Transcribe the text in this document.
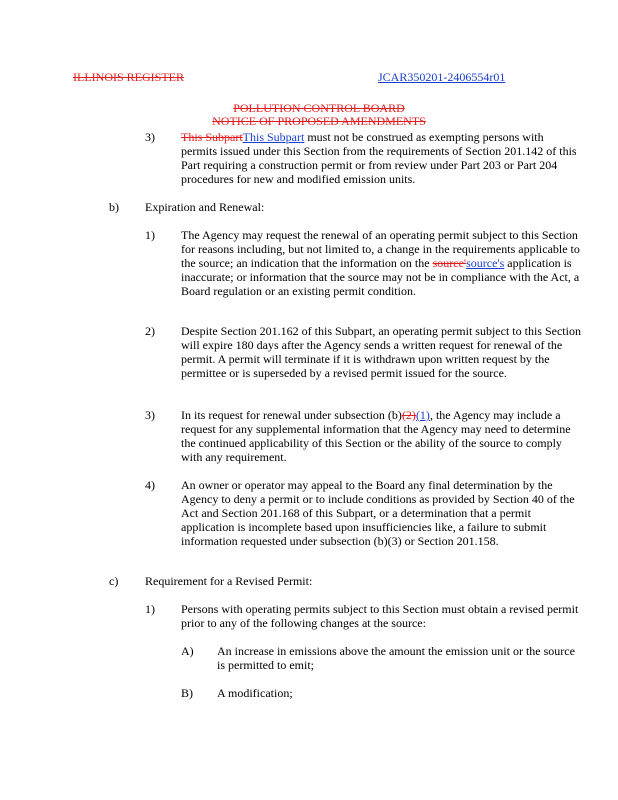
ILLINOIS REGISTER	JCAR350201-2406554r01
POLLUTION CONTROL BOARD
NOTICE OF PROPOSED AMENDMENTS
3) This SubpartThis Subpart must not be construed as exempting persons with permits issued under this Section from the requirements of Section 201.142 of this Part requiring a construction permit or from review under Part 203 or Part 204 procedures for new and modified emission units.

b) Expiration and Renewal:
1) The Agency may request the renewal of an operating permit subject to this Section for reasons including, but not limited to, a change in the requirements applicable to the source; an indication that the information on the source'source's application is inaccurate; or information that the source may not be in compliance with the Act, a Board regulation or an existing permit condition.

2) Despite Section 201.162 of this Subpart, an operating permit subject to this Section will expire 180 days after the Agency sends a written request for renewal of the permit. A permit will terminate if it is withdrawn upon written request by the permittee or is superseded by a revised permit issued for the source.

3) In its request for renewal under subsection (b)(2)(1), the Agency may include a request for any supplemental information that the Agency may need to determine the continued applicability of this Section or the ability of the source to comply with any requirement.

4) An owner or operator may appeal to the Board any final determination by the Agency to deny a permit or to include conditions as provided by Section 40 of the Act and Section 201.168 of this Subpart, or a determination that a permit application is incomplete based upon insufficiencies like, a failure to submit information requested under subsection (b)(3) or Section 201.158.

c) Requirement for a Revised Permit:
1) Persons with operating permits subject to this Section must obtain a revised permit prior to any of the following changes at the source:

A) An increase in emissions above the amount the emission unit or the source is permitted to emit;

B) A modification;
